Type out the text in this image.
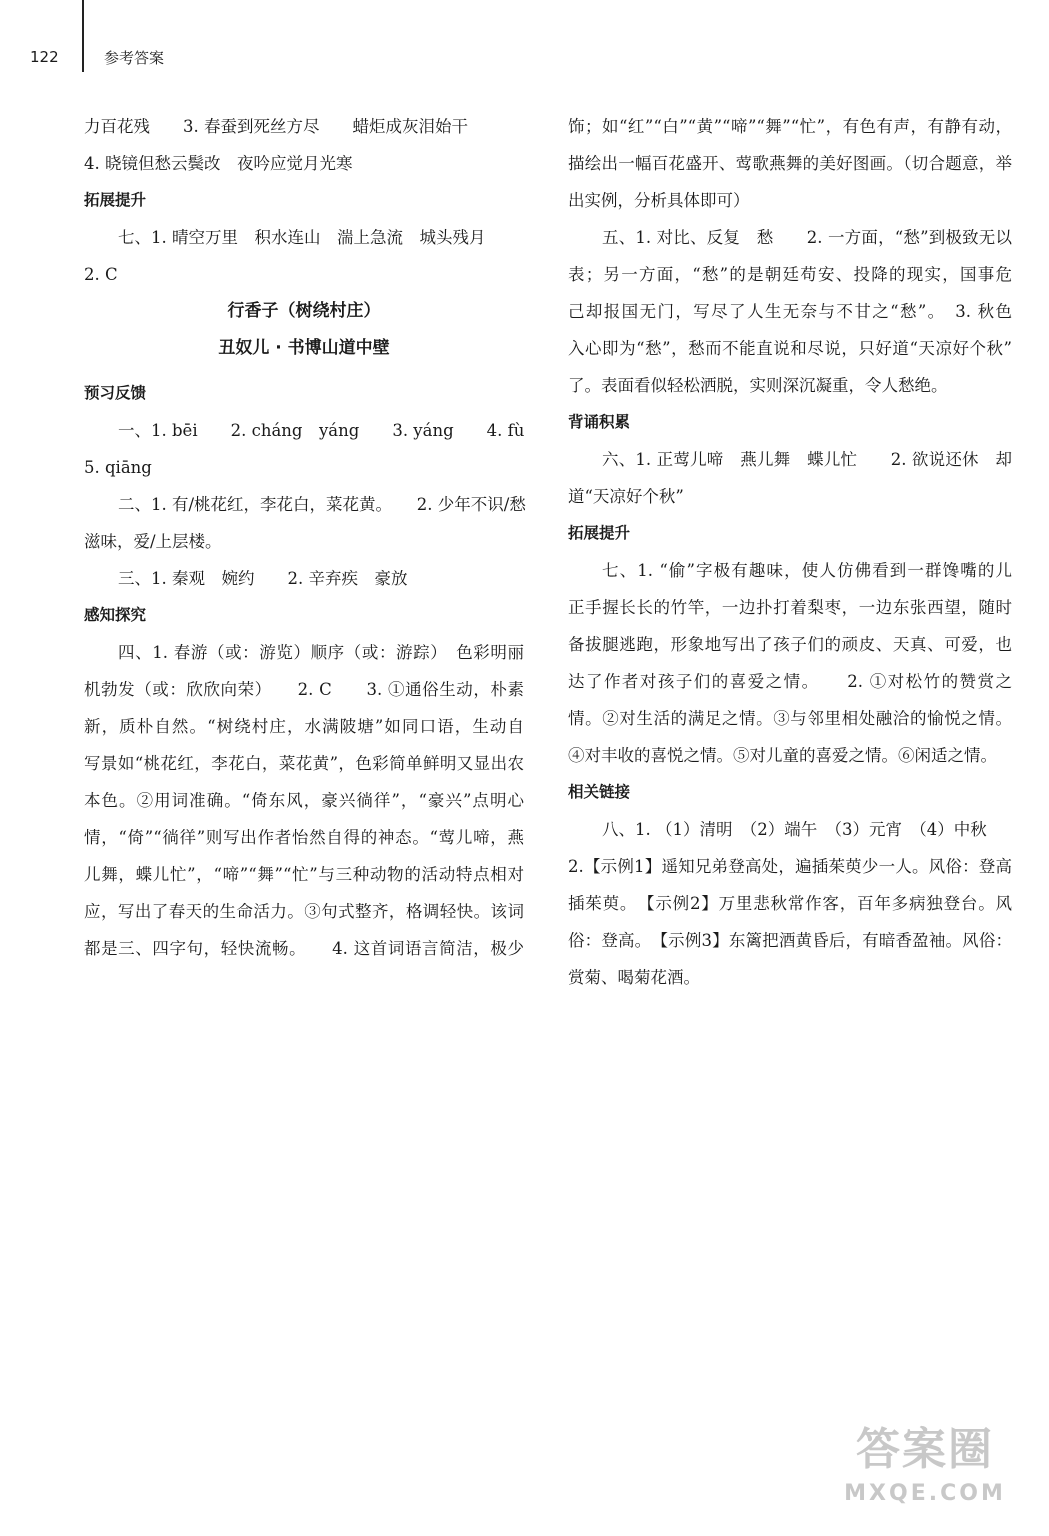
122	参考答案
力百花残　　3. 春蚕到死丝方尽　　蜡炬成灰泪始干
4. 晓镜但愁云鬓改　夜吟应觉月光寒
拓展提升
七、1. 晴空万里　积水连山　湍上急流　城头残月
2. C
行香子（树绕村庄）
丑奴儿 · 书博山道中壁
预习反馈
一、1. bēi　　2. cháng　yáng　　3. yáng　　4. fù
5. qiāng
二、1. 有/桃花红，李花白，菜花黄。　　2. 少年不识/愁
滋味，爱/上层楼。
三、1. 秦观　婉约　　2. 辛弃疾　豪放
感知探究
四、1. 春游（或：游览）顺序（或：游踪）　色彩明丽　
机勃发（或：欣欣向荣）　　2. C　　3. ①通俗生动，朴素
新，质朴自然。“树绕村庄，水满陂塘”如同口语，生动自
写景如“桃花红，李花白，菜花黄”，色彩简单鲜明又显出农
本色。②用词准确。“倚东风，豪兴徜徉”，“豪兴”点明心
情，“倚”“徜徉”则写出作者怡然自得的神态。“莺儿啼，燕
儿舞，蝶儿忙”，“啼”“舞”“忙”与三种动物的活动特点相对
应，写出了春天的生命活力。③句式整齐，格调轻快。该词
都是三、四字句，轻快流畅。　　4. 这首词语言简洁，极少
饰；如“红”“白”“黄”“啼”“舞”“忙”，有色有声，有静有动，
描绘出一幅百花盛开、莺歌燕舞的美好图画。（切合题意，举
出实例，分析具体即可）
五、1. 对比、反复　愁　　2. 一方面，“愁”到极致无以
表；另一方面，“愁”的是朝廷苟安、投降的现实，国事危
己却报国无门，写尽了人生无奈与不甘之“愁”。　3. 秋色
入心即为“愁”，愁而不能直说和尽说，只好道“天凉好个秋”
了。表面看似轻松洒脱，实则深沉凝重，令人愁绝。
背诵积累
六、1. 正莺儿啼　燕儿舞　蝶儿忙　　2. 欲说还休　却
道“天凉好个秋”
拓展提升
七、1. “偷”字极有趣味，使人仿佛看到一群馋嘴的儿
正手握长长的竹竿，一边扑打着梨枣，一边东张西望，随时
备拔腿逃跑，形象地写出了孩子们的顽皮、天真、可爱，也
达了作者对孩子们的喜爱之情。　　2. ①对松竹的赞赏之
情。②对生活的满足之情。③与邻里相处融洽的愉悦之情。
④对丰收的喜悦之情。⑤对儿童的喜爱之情。⑥闲适之情。
相关链接
八、1. （1）清明　（2）端午　（3）元宵　（4）中秋
2.【示例1】遥知兄弟登高处，遍插茱萸少一人。风俗：登高
插茱萸。　【示例2】万里悲秋常作客，百年多病独登台。风
俗：登高。　【示例3】东篱把酒黄昏后，有暗香盈袖。风俗：
赏菊、喝菊花酒。
答案圈
MXQE.COM
